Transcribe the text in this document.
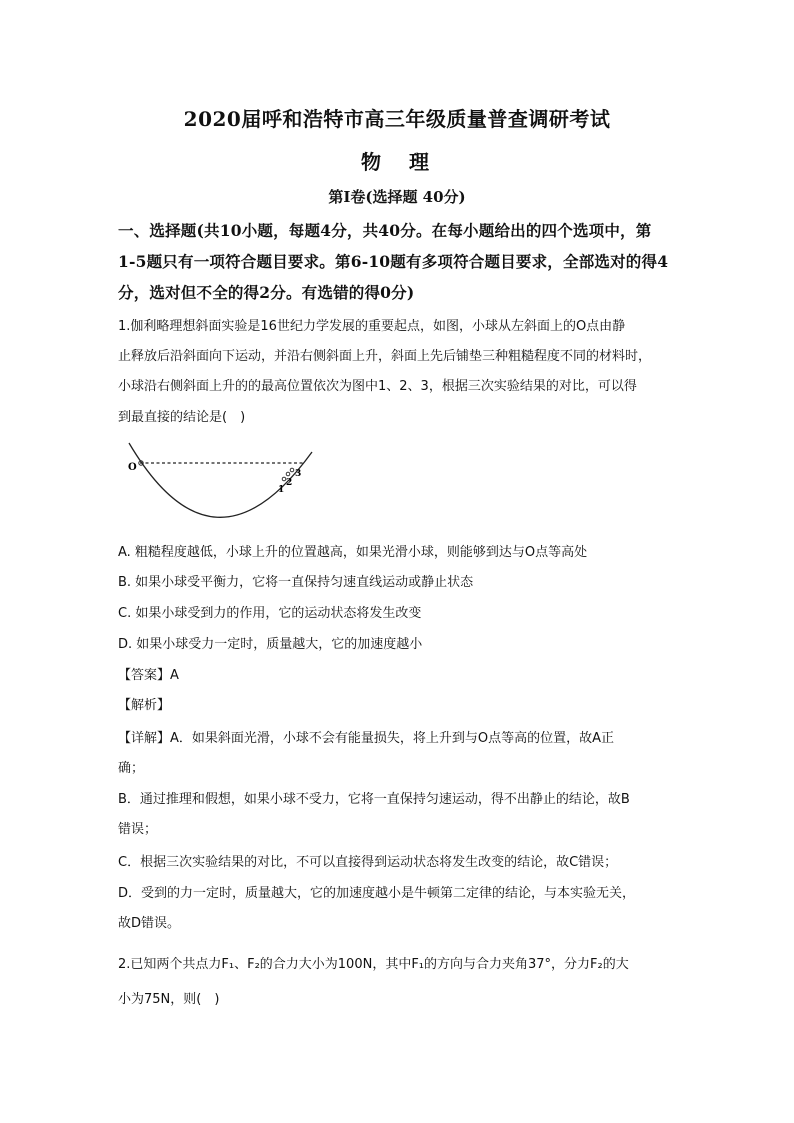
2020届呼和浩特市高三年级质量普查调研考试
物　理
第Ⅰ卷(选择题 40分)
一、选择题(共10小题，每题4分，共40分。在每小题给出的四个选项中，第
1-5题只有一项符合题目要求。第6-10题有多项符合题目要求，全部选对的得4
分，选对但不全的得2分。有选错的得0分)
1.伽利略理想斜面实验是16世纪力学发展的重要起点，如图，小球从左斜面上的O点由静
止释放后沿斜面向下运动，并沿右侧斜面上升，斜面上先后铺垫三种粗糙程度不同的材料时，
小球沿右侧斜面上升的的最高位置依次为图中1、2、3，根据三次实验结果的对比，可以得
到最直接的结论是(　)
O
1
2
3
A. 粗糙程度越低，小球上升的位置越高，如果光滑小球，则能够到达与O点等高处
B. 如果小球受平衡力，它将一直保持匀速直线运动或静止状态
C. 如果小球受到力的作用，它的运动状态将发生改变
D. 如果小球受力一定时，质量越大，它的加速度越小
【答案】A
【解析】
【详解】A．如果斜面光滑，小球不会有能量损失，将上升到与O点等高的位置，故A正
确；
B．通过推理和假想，如果小球不受力，它将一直保持匀速运动，得不出静止的结论，故B
错误；
C．根据三次实验结果的对比，不可以直接得到运动状态将发生改变的结论，故C错误；
D．受到的力一定时，质量越大，它的加速度越小是牛顿第二定律的结论，与本实验无关，
故D错误。
2.已知两个共点力F₁、F₂的合力大小为100N，其中F₁的方向与合力夹角37°，分力F₂的大
小为75N，则(　)
